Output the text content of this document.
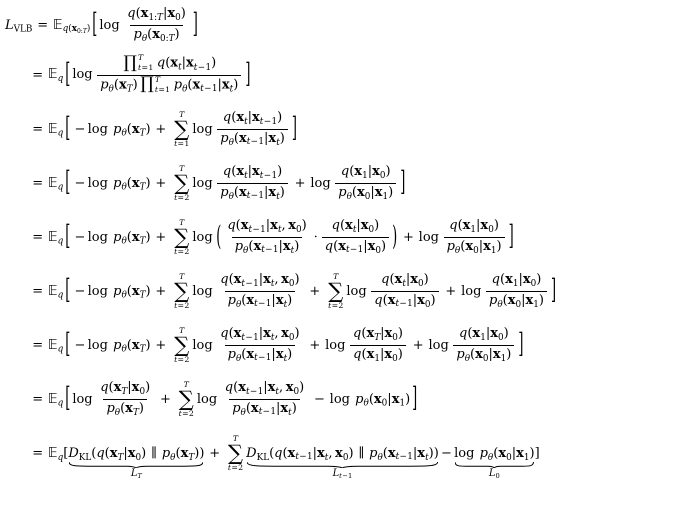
$L_{VLB}$ = 𝔼$_{q(x_{0:T})}$ [ $\log \frac{q(x_{1:T}|x_0)}{p_\theta(x_{0:T})}$ ]
= 𝔼$_q$ [ log ∏ T
t=1 $q(x_t|x_{t-1})$
$p_\theta(x_T)$ ∏ T
t=1 $p_\theta(x_{t-1}|x_t)$ ]
= 𝔼$_q$ [ − $\log p_\theta(x_T)$ +
T
∑
t=1
$\log \frac{q(x_t|x_{t-1})}{p_\theta(x_{t-1}|x_t)}$ ]
= 𝔼$_q$ [ − $\log p_\theta(x_T)$ +
T
∑
t=2
$\log \frac{q(x_t|x_{t-1})}{p_\theta(x_{t-1}|x_t)} + \log \frac{q(x_1|x_0)}{p_\theta(x_0|x_1)}$ ]
= 𝔼$_q$ [ − $\log p_\theta(x_T)$ +
T
∑
t=2
log ( $\frac{q(x_{t-1}|x_t, x_0)}{p_\theta(x_{t-1}|x_t)} \cdot \frac{q(x_t|x_0)}{q(x_{t-1}|x_0)}$ ) + $\log \frac{q(x_1|x_0)}{p_\theta(x_0|x_1)}$ ]
= 𝔼$_q$ [ − $\log p_\theta(x_T)$ +
T
∑
t=2
$\log \frac{q(x_{t-1}|x_t, x_0)}{p_\theta(x_{t-1}|x_t)}$ +
T
∑
t=2
$\log \frac{q(x_t|x_0)}{q(x_{t-1}|x_0)} + \log \frac{q(x_1|x_0)}{p_\theta(x_0|x_1)}$ ]
= 𝔼$_q$ [ − $\log p_\theta(x_T)$ +
T
∑
t=2
$\log \frac{q(x_{t-1}|x_t, x_0)}{p_\theta(x_{t-1}|x_t)} + \log \frac{q(x_T|x_0)}{q(x_1|x_0)} + \log \frac{q(x_1|x_0)}{p_\theta(x_0|x_1)}$ ]
= 𝔼$_q$ [ $\log \frac{q(x_T|x_0)}{p_\theta(x_T)}$ +
T
∑
t=2
$\log \frac{q(x_{t-1}|x_t, x_0)}{p_\theta(x_{t-1}|x_t)} - \log p_\theta(x_0|x_1)$ ]
= $𝔼_q[D_{KL}(q(x_T|x_0)$ ∥ $p_\theta(x_T)$)
$L_T$
+
T
∑
t=2
$D_{KL}(q(x_{t-1}|x_t$, $x_0$) ∥ $p_\theta(x_{t-1}|x_t)$)
$L_{t-1}$
− $\log p_\theta(x_0|x_1)$
$L_0$
]
